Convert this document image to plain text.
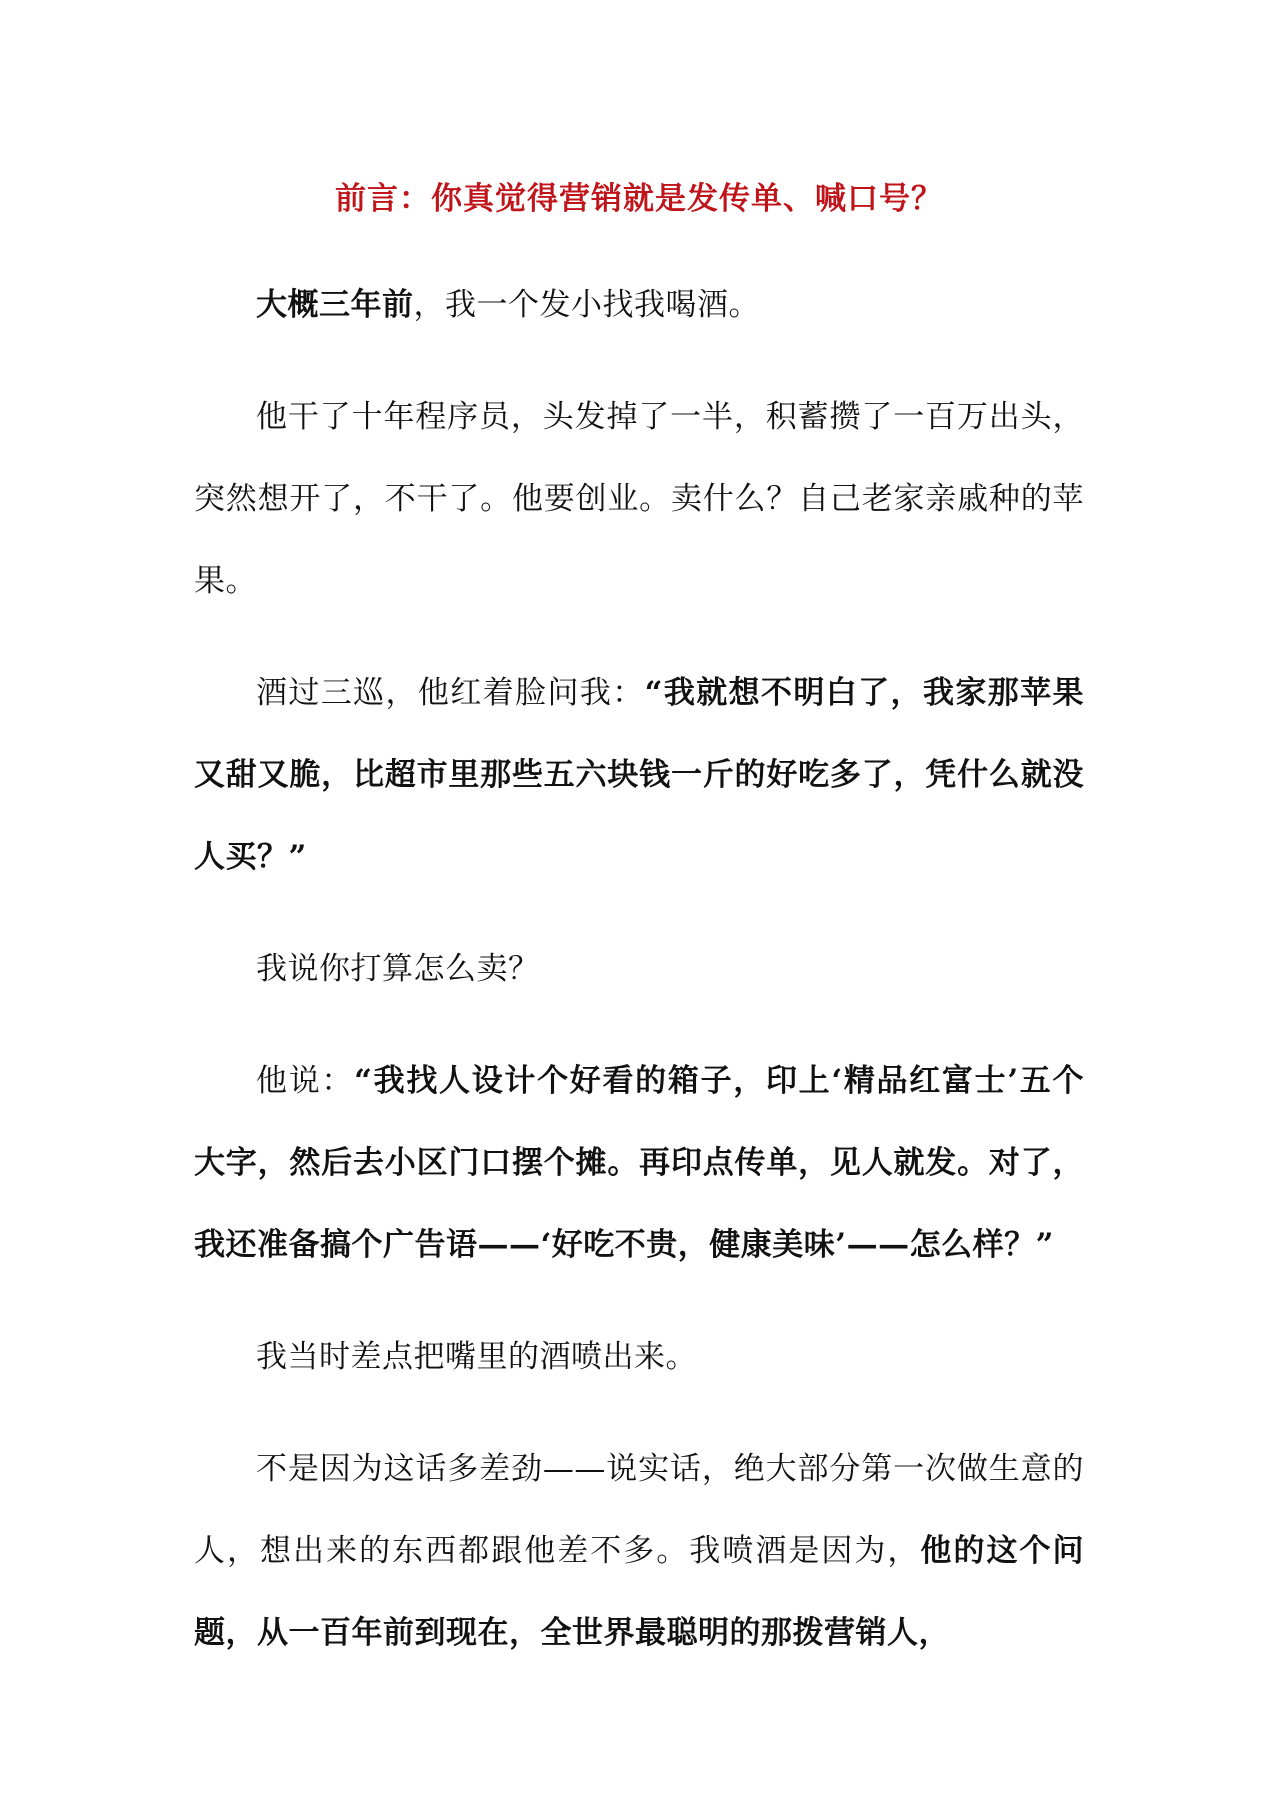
前言：你真觉得营销就是发传单、喊口号？

大概三年前，我一个发小找我喝酒。

他干了十年程序员，头发掉了一半，积蓄攒了一百万出头，突然想开了，不干了。他要创业。卖什么？自己老家亲戚种的苹果。

酒过三巡，他红着脸问我：“我就想不明白了，我家那苹果又甜又脆，比超市里那些五六块钱一斤的好吃多了，凭什么就没人买？”

我说你打算怎么卖？

他说：“我找人设计个好看的箱子，印上‘精品红富士’五个大字，然后去小区门口摆个摊。再印点传单，见人就发。对了，我还准备搞个广告语——‘好吃不贵，健康美味’——怎么样？”

我当时差点把嘴里的酒喷出来。

不是因为这话多差劲——说实话，绝大部分第一次做生意的人，想出来的东西都跟他差不多。我喷酒是因为，他的这个问题，从一百年前到现在，全世界最聪明的那拨营销人，
